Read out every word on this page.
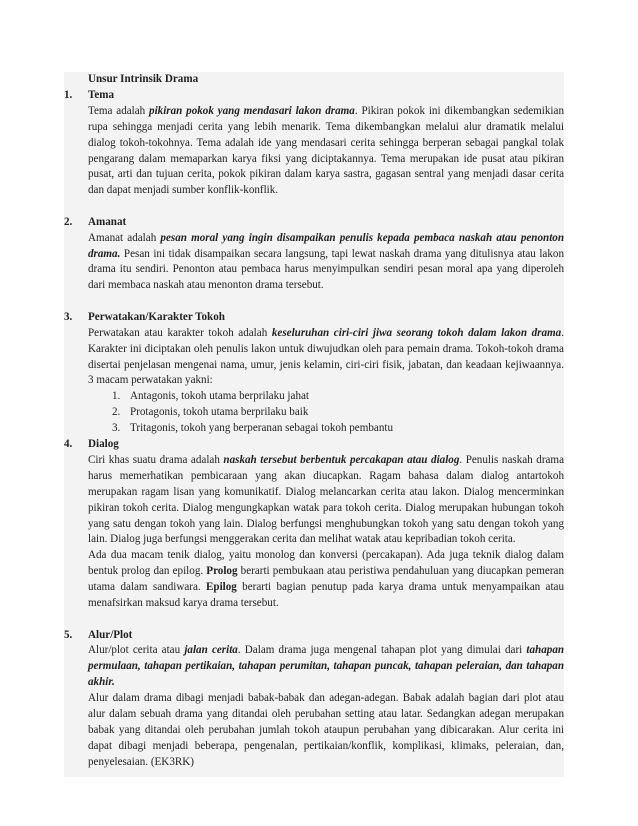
Unsur Intrinsik Drama

1.	Tema

Tema adalah pikiran pokok yang mendasari lakon drama. Pikiran pokok ini dikembangkan sedemikian rupa sehingga menjadi cerita yang lebih menarik. Tema dikembangkan melalui alur dramatik melalui dialog tokoh-tokohnya. Tema adalah ide yang mendasari cerita sehingga berperan sebagai pangkal tolak pengarang dalam memaparkan karya fiksi yang diciptakannya. Tema merupakan ide pusat atau pikiran pusat, arti dan tujuan cerita, pokok pikiran dalam karya sastra, gagasan sentral yang menjadi dasar cerita dan dapat menjadi sumber konflik-konflik.

2.	Amanat

Amanat adalah pesan moral yang ingin disampaikan penulis kepada pembaca naskah atau penonton drama. Pesan ini tidak disampaikan secara langsung, tapi lewat naskah drama yang ditulisnya atau lakon drama itu sendiri. Penonton atau pembaca harus menyimpulkan sendiri pesan moral apa yang diperoleh dari membaca naskah atau menonton drama tersebut.

3.	Perwatakan/Karakter Tokoh

Perwatakan atau karakter tokoh adalah keseluruhan ciri-ciri jiwa seorang tokoh dalam lakon drama. Karakter ini diciptakan oleh penulis lakon untuk diwujudkan oleh para pemain drama. Tokoh-tokoh drama disertai penjelasan mengenai nama, umur, jenis kelamin, ciri-ciri fisik, jabatan, dan keadaan kejiwaannya. 3 macam perwatakan yakni:

1. Antagonis, tokoh utama berprilaku jahat
2. Protagonis, tokoh utama berprilaku baik
3. Tritagonis, tokoh yang berperanan sebagai tokoh pembantu
4.	Dialog

Ciri khas suatu drama adalah naskah tersebut berbentuk percakapan atau dialog. Penulis naskah drama harus memerhatikan pembicaraan yang akan diucapkan. Ragam bahasa dalam dialog antartokoh merupakan ragam lisan yang komunikatif. Dialog melancarkan cerita atau lakon. Dialog mencerminkan pikiran tokoh cerita. Dialog mengungkapkan watak para tokoh cerita. Dialog merupakan hubungan tokoh yang satu dengan tokoh yang lain. Dialog berfungsi menghubungkan tokoh yang satu dengan tokoh yang lain. Dialog juga berfungsi menggerakan cerita dan melihat watak atau kepribadian tokoh cerita.

Ada dua macam tenik dialog, yaitu monolog dan konversi (percakapan). Ada juga teknik dialog dalam bentuk prolog dan epilog. Prolog berarti pembukaan atau peristiwa pendahuluan yang diucapkan pemeran utama dalam sandiwara. Epilog berarti bagian penutup pada karya drama untuk menyampaikan atau menafsirkan maksud karya drama tersebut.

5.	Alur/Plot

Alur/plot cerita atau jalan cerita. Dalam drama juga mengenal tahapan plot yang dimulai dari tahapan permulaan, tahapan pertikaian, tahapan perumitan, tahapan puncak, tahapan peleraian, dan tahapan akhir.

Alur dalam drama dibagi menjadi babak-babak dan adegan-adegan. Babak adalah bagian dari plot atau alur dalam sebuah drama yang ditandai oleh perubahan setting atau latar. Sedangkan adegan merupakan babak yang ditandai oleh perubahan jumlah tokoh ataupun perubahan yang dibicarakan. Alur cerita ini dapat dibagi menjadi beberapa, pengenalan, pertikaian/konflik, komplikasi, klimaks, peleraian, dan, penyelesaian. (EK3RK)
